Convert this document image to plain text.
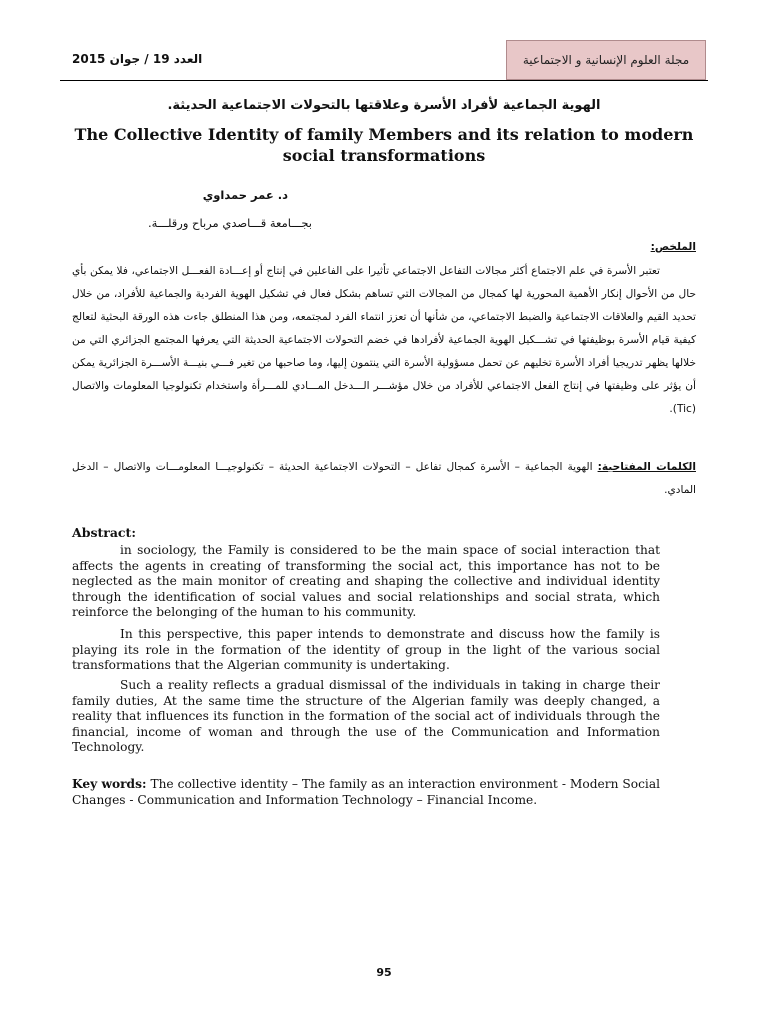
العدد 19 / جوان 2015	مجلة العلوم الإنسانية و الاجتماعية
الهوية الجماعية لأفراد الأسرة وعلاقتها بالتحولات الاجتماعية الحديثة.
The Collective Identity of family Members and its relation to modern social transformations
د. عمر حمداوي
بجـــامعة قـــاصدي مرباح ورقلـــة.
الملخص:
تعتبر الأسرة في علم الاجتماع أكثر مجالات التفاعل الاجتماعي تأثيرا على الفاعلين في إنتاج أو إعـــادة الفعـــل الاجتماعي، فلا يمكن بأي حال من الأحوال إنكار الأهمية المحورية لها كمجال من المجالات التي تساهم بشكل فعال في تشكيل الهوية الفردية والجماعية للأفراد، من خلال تحديد القيم والعلاقات الاجتماعية والضبط الاجتماعي، من شأنها أن تعزز انتماء الفرد لمجتمعه، ومن هذا المنطلق جاءت هذه الورقة البحثية لتعالج كيفية قيام الأسرة بوظيفتها في تشـــكيل الهوية الجماعية لأفرادها في خضم التحولات الاجتماعية الحديثة التي يعرفها المجتمع الجزائري التي من خلالها يظهر تدريجيا أفراد الأسرة تخليهم عن تحمل مسؤولية الأسرة التي ينتمون إليها، وما صاحبها من تغير فـــي بنيـــة الأســـرة الجزائرية يمكن أن يؤثر على وظيفتها في إنتاج الفعل الاجتماعي للأفراد من خلال مؤشـــر الـــدخل المـــادي للمـــرأة واستخدام تكنولوجيا المعلومات والاتصال (Tic).
الكلمات المفتاحية: الهوية الجماعية – الأسرة كمجال تفاعل – التحولات الاجتماعية الحديثة – تكنولوجيـــا المعلومـــات والاتصال – الدخل المادي.
Abstract:
in sociology, the Family is considered to be the main space of social interaction that affects the agents in creating of transforming the social act, this importance has not to be neglected as the main monitor of creating and shaping the collective and individual identity through the identification of social values and social relationships and social strata, which reinforce the belonging of the human to his community.
In this perspective, this paper intends to demonstrate and discuss how the family is playing its role in the formation of the identity of group in the light of the various social transformations that the Algerian community is undertaking.
Such a reality reflects a gradual dismissal of the individuals in taking in charge their family duties, At the same time the structure of the Algerian family was deeply changed, a reality that influences its function in the formation of the social act of individuals through the financial, income of woman and through the use of the Communication and Information Technology.
Key words: The collective identity – The family as an interaction environment - Modern Social Changes - Communication and Information Technology – Financial Income.
95
